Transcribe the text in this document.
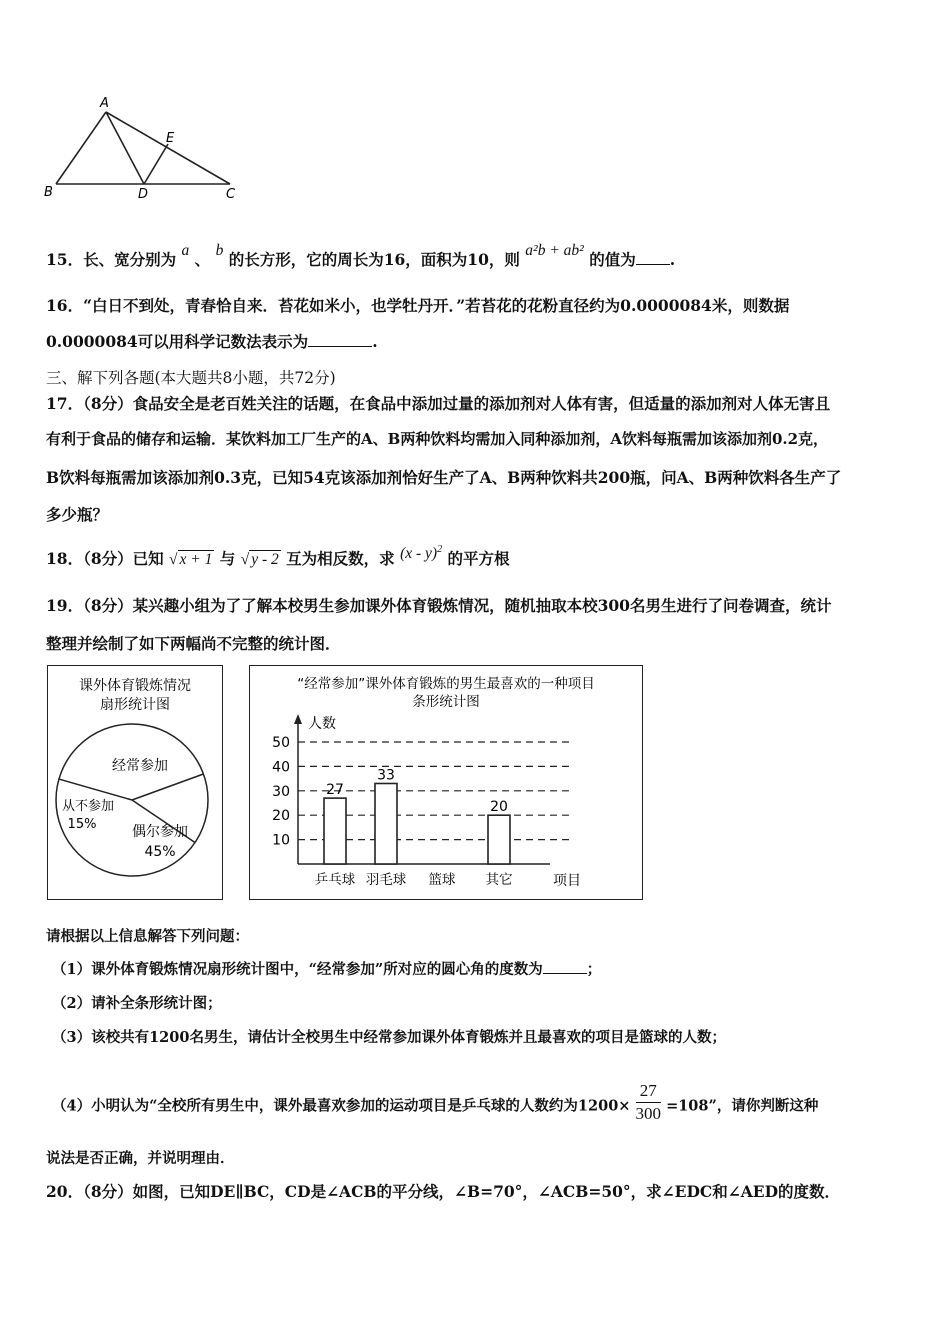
A
B	C
D
E
15．长、宽分别为 a 、 b 的长方形，它的周长为16，面积为10，则 a²b + ab² 的值为 .
16．“白日不到处，青春恰自来．苔花如米小，也学牡丹开．”若苔花的花粉直径约为0.0000084米，则数据
0.0000084可以用科学记数法表示为	.
三、解下列各题(本大题共8小题，共72分)
17．（8分）食品安全是老百姓关注的话题，在食品中添加过量的添加剂对人体有害，但适量的添加剂对人体无害且
有利于食品的储存和运输．某饮料加工厂生产的A、B两种饮料均需加入同种添加剂，A饮料每瓶需加该添加剂0.2克，
B饮料每瓶需加该添加剂0.3克，已知54克该添加剂恰好生产了A、B两种饮料共200瓶，问A、B两种饮料各生产了
多少瓶？
18．（8分）已知 √ x + 1 与 √ y - 2 互为相反数，求 (x - y)$^2$ 的平方根
19．（8分）某兴趣小组为了了解本校男生参加课外体育锻炼情况，随机抽取本校300名男生进行了问卷调查，统计
整理并绘制了如下两幅尚不完整的统计图．
课外体育锻炼情况
扇形统计图
经常参加
从不参加
15%	偶尔参加
45%
“经常参加”课外体育锻炼的男生最喜欢的一种项目
条形统计图
人数
项目
10
20
30
40
50
27
乒乓球
33
羽毛球 篮球
20
其它
请根据以上信息解答下列问题：
（1）课外体育锻炼情况扇形统计图中，“经常参加”所对应的圆心角的度数为	；
（2）请补全条形统计图；
（3）该校共有1200名男生，请估计全校男生中经常参加课外体育锻炼并且最喜欢的项目是篮球的人数；
（4）小明认为“全校所有男生中，课外最喜欢参加的运动项目是乒乓球的人数约为$1200\times \frac{27}{300} =108$”，请你判断这种
说法是否正确，并说明理由．
20．（8分）如图，已知DE∥BC，CD是∠ACB的平分线，∠B=70°，∠ACB=50°，求∠EDC和∠AED的度数．
